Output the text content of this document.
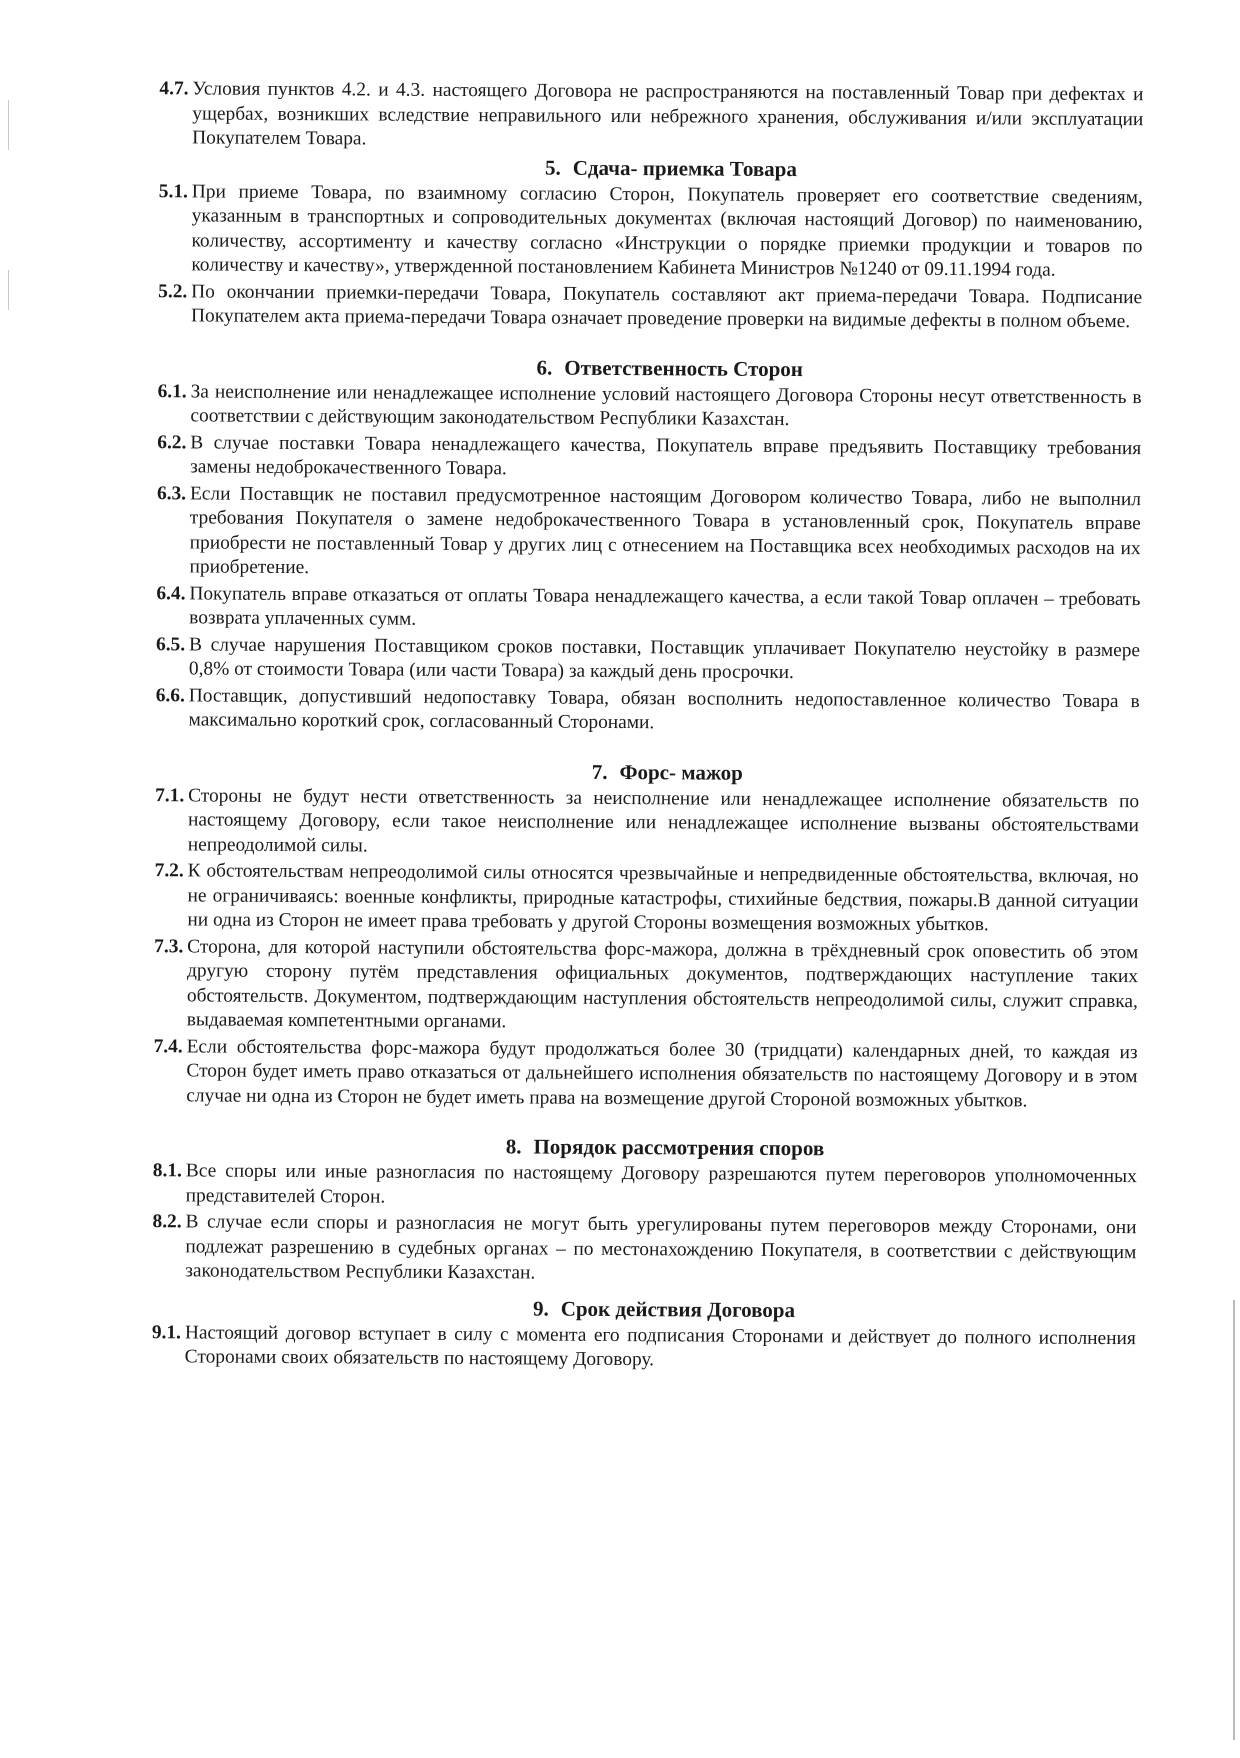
4.7. Условия пунктов 4.2. и 4.3. настоящего Договора не распространяются на поставленный Товар при дефектах и ущербах, возникших вследствие неправильного или небрежного хранения, обслуживания и/или эксплуатации Покупателем Товара.
5. Сдача- приемка Товара
5.1. При приеме Товара, по взаимному согласию Сторон, Покупатель проверяет его соответствие сведениям, указанным в транспортных и сопроводительных документах (включая настоящий Договор) по наименованию, количеству, ассортименту и качеству согласно «Инструкции о порядке приемки продукции и товаров по количеству и качеству», утвержденной постановлением Кабинета Министров №1240 от 09.11.1994 года.
5.2. По окончании приемки-передачи Товара, Покупатель составляют акт приема-передачи Товара. Подписание Покупателем акта приема-передачи Товара означает проведение проверки на видимые дефекты в полном объеме.
6. Ответственность Сторон
6.1. За неисполнение или ненадлежащее исполнение условий настоящего Договора Стороны несут ответственность в соответствии с действующим законодательством Республики Казахстан.
6.2. В случае поставки Товара ненадлежащего качества, Покупатель вправе предъявить Поставщику требования замены недоброкачественного Товара.
6.3. Если Поставщик не поставил предусмотренное настоящим Договором количество Товара, либо не выполнил требования Покупателя о замене недоброкачественного Товара в установленный срок, Покупатель вправе приобрести не поставленный Товар у других лиц с отнесением на Поставщика всех необходимых расходов на их приобретение.
6.4. Покупатель вправе отказаться от оплаты Товара ненадлежащего качества, а если такой Товар оплачен – требовать возврата уплаченных сумм.
6.5. В случае нарушения Поставщиком сроков поставки, Поставщик уплачивает Покупателю неустойку в размере 0,8% от стоимости Товара (или части Товара) за каждый день просрочки.
6.6. Поставщик, допустивший недопоставку Товара, обязан восполнить недопоставленное количество Товара в максимально короткий срок, согласованный Сторонами.
7. Форс- мажор
7.1. Стороны не будут нести ответственность за неисполнение или ненадлежащее исполнение обязательств по настоящему Договору, если такое неисполнение или ненадлежащее исполнение вызваны обстоятельствами непреодолимой силы.
7.2. К обстоятельствам непреодолимой силы относятся чрезвычайные и непредвиденные обстоятельства, включая, но не ограничиваясь: военные конфликты, природные катастрофы, стихийные бедствия, пожары.В данной ситуации ни одна из Сторон не имеет права требовать у другой Стороны возмещения возможных убытков.
7.3. Сторона, для которой наступили обстоятельства форс-мажора, должна в трёхдневный срок оповестить об этом другую сторону путём представления официальных документов, подтверждающих наступление таких обстоятельств. Документом, подтверждающим наступления обстоятельств непреодолимой силы, служит справка, выдаваемая компетентными органами.
7.4. Если обстоятельства форс-мажора будут продолжаться более 30 (тридцати) календарных дней, то каждая из Сторон будет иметь право отказаться от дальнейшего исполнения обязательств по настоящему Договору и в этом случае ни одна из Сторон не будет иметь права на возмещение другой Стороной возможных убытков.
8. Порядок рассмотрения споров
8.1. Все споры или иные разногласия по настоящему Договору разрешаются путем переговоров уполномоченных представителей Сторон.
8.2. В случае если споры и разногласия не могут быть урегулированы путем переговоров между Сторонами, они подлежат разрешению в судебных органах – по местонахождению Покупателя, в соответствии с действующим законодательством Республики Казахстан.
9. Срок действия Договора
9.1. Настоящий договор вступает в силу с момента его подписания Сторонами и действует до полного исполнения Сторонами своих обязательств по настоящему Договору.
